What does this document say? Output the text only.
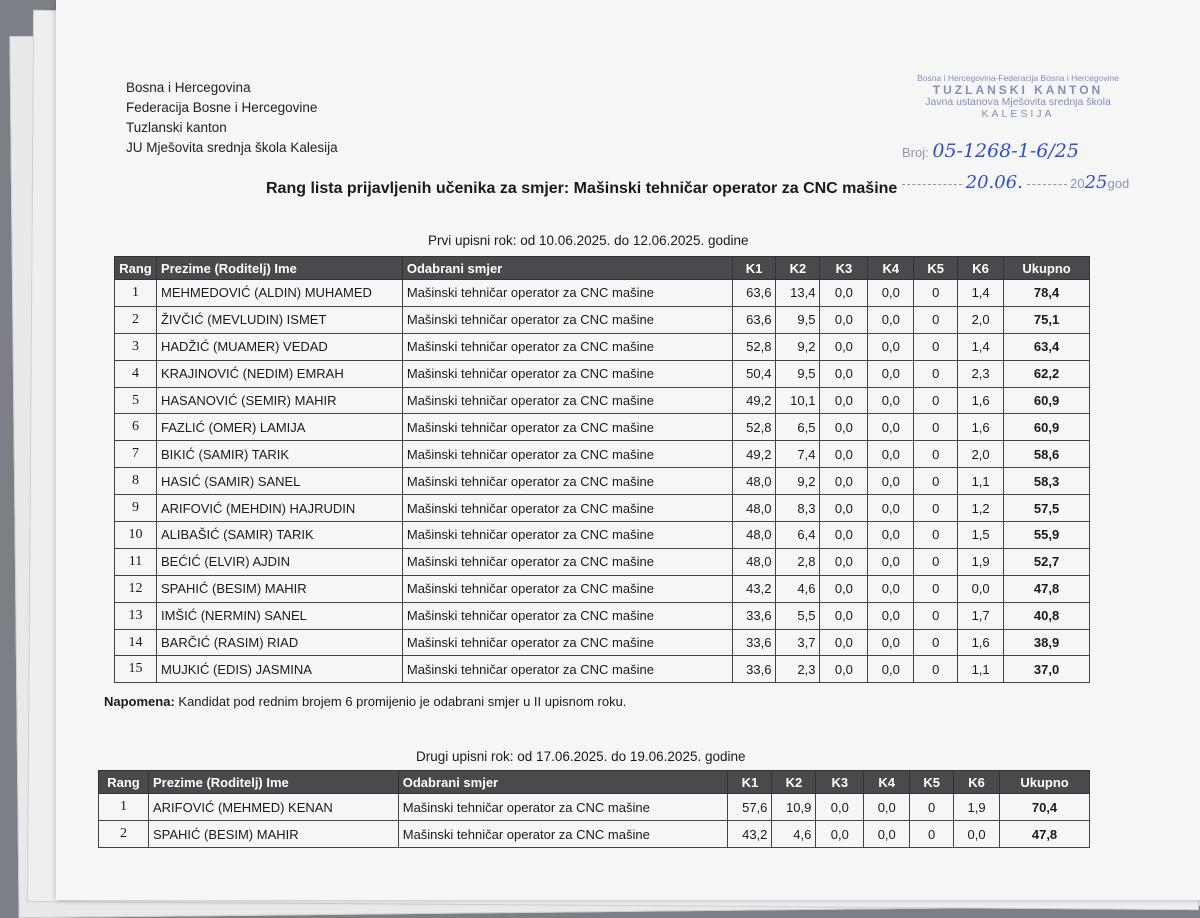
Bosna i Hercegovina
Federacija Bosne i Hercegovine
Tuzlanski kanton
JU Mješovita srednja škola Kalesija
Bosna i Hercegovina-Federacija Bosna i Hercegovine
TUZLANSKI KANTON
Javna ustanova Mješovita srednja škola
KALESIJA
Broj: 05-1268-1-6/25
20.06.	2025god
Rang lista prijavljenih učenika za smjer: Mašinski tehničar operator za CNC mašine
Prvi upisni rok: od 10.06.2025. do 12.06.2025. godine
Rang	Prezime (Roditelj) Ime	Odabrani smjer	K1	K2	K3	K4	K5	K6	Ukupno
1	MEHMEDOVIĆ (ALDIN) MUHAMED	Mašinski tehničar operator za CNC mašine	63,6	13,4	0,0	0,0	0	1,4	78,4
2	ŽIVČIĆ (MEVLUDIN) ISMET	Mašinski tehničar operator za CNC mašine	63,6	9,5	0,0	0,0	0	2,0	75,1
3	HADŽIĆ (MUAMER) VEDAD	Mašinski tehničar operator za CNC mašine	52,8	9,2	0,0	0,0	0	1,4	63,4
4	KRAJINOVIĆ (NEDIM) EMRAH	Mašinski tehničar operator za CNC mašine	50,4	9,5	0,0	0,0	0	2,3	62,2
5	HASANOVIĆ (SEMIR) MAHIR	Mašinski tehničar operator za CNC mašine	49,2	10,1	0,0	0,0	0	1,6	60,9
6	FAZLIĆ (OMER) LAMIJA	Mašinski tehničar operator za CNC mašine	52,8	6,5	0,0	0,0	0	1,6	60,9
7	BIKIĆ (SAMIR) TARIK	Mašinski tehničar operator za CNC mašine	49,2	7,4	0,0	0,0	0	2,0	58,6
8	HASIĆ (SAMIR) SANEL	Mašinski tehničar operator za CNC mašine	48,0	9,2	0,0	0,0	0	1,1	58,3
9	ARIFOVIĆ (MEHDIN) HAJRUDIN	Mašinski tehničar operator za CNC mašine	48,0	8,3	0,0	0,0	0	1,2	57,5
10	ALIBAŠIĆ (SAMIR) TARIK	Mašinski tehničar operator za CNC mašine	48,0	6,4	0,0	0,0	0	1,5	55,9
11	BEĆIĆ (ELVIR) AJDIN	Mašinski tehničar operator za CNC mašine	48,0	2,8	0,0	0,0	0	1,9	52,7
12	SPAHIĆ (BESIM) MAHIR	Mašinski tehničar operator za CNC mašine	43,2	4,6	0,0	0,0	0	0,0	47,8
13	IMŠIĆ (NERMIN) SANEL	Mašinski tehničar operator za CNC mašine	33,6	5,5	0,0	0,0	0	1,7	40,8
14	BARČIĆ (RASIM) RIAD	Mašinski tehničar operator za CNC mašine	33,6	3,7	0,0	0,0	0	1,6	38,9
15	MUJKIĆ (EDIS) JASMINA	Mašinski tehničar operator za CNC mašine	33,6	2,3	0,0	0,0	0	1,1	37,0
Napomena: Kandidat pod rednim brojem 6 promijenio je odabrani smjer u II upisnom roku.
Drugi upisni rok: od 17.06.2025. do 19.06.2025. godine
Rang	Prezime (Roditelj) Ime	Odabrani smjer	K1	K2	K3	K4	K5	K6	Ukupno
1	ARIFOVIĆ (MEHMED) KENAN	Mašinski tehničar operator za CNC mašine	57,6	10,9	0,0	0,0	0	1,9	70,4
2	SPAHIĆ (BESIM) MAHIR	Mašinski tehničar operator za CNC mašine	43,2	4,6	0,0	0,0	0	0,0	47,8
